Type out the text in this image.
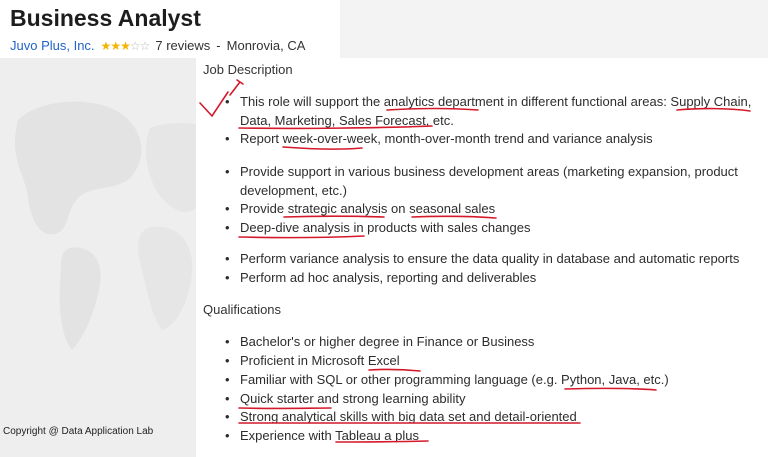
Business Analyst
Juvo Plus, Inc. ★★★☆☆ 7 reviews - Monrovia, CA
Job Description
• This role will support the analytics department in different functional areas: Supply Chain, Data, Marketing, Sales Forecast, etc.
• Report week-over-week, month-over-month trend and variance analysis
• Provide support in various business development areas (marketing expansion, product development, etc.)
• Provide strategic analysis on seasonal sales
• Deep-dive analysis in products with sales changes
• Perform variance analysis to ensure the data quality in database and automatic reports
• Perform ad hoc analysis, reporting and deliverables
Qualifications
• Bachelor's or higher degree in Finance or Business
• Proficient in Microsoft Excel
• Familiar with SQL or other programming language (e.g. Python, Java, etc.)
• Quick starter and strong learning ability
• Strong analytical skills with big data set and detail-oriented
• Experience with Tableau a plus
Copyright @ Data Application Lab
